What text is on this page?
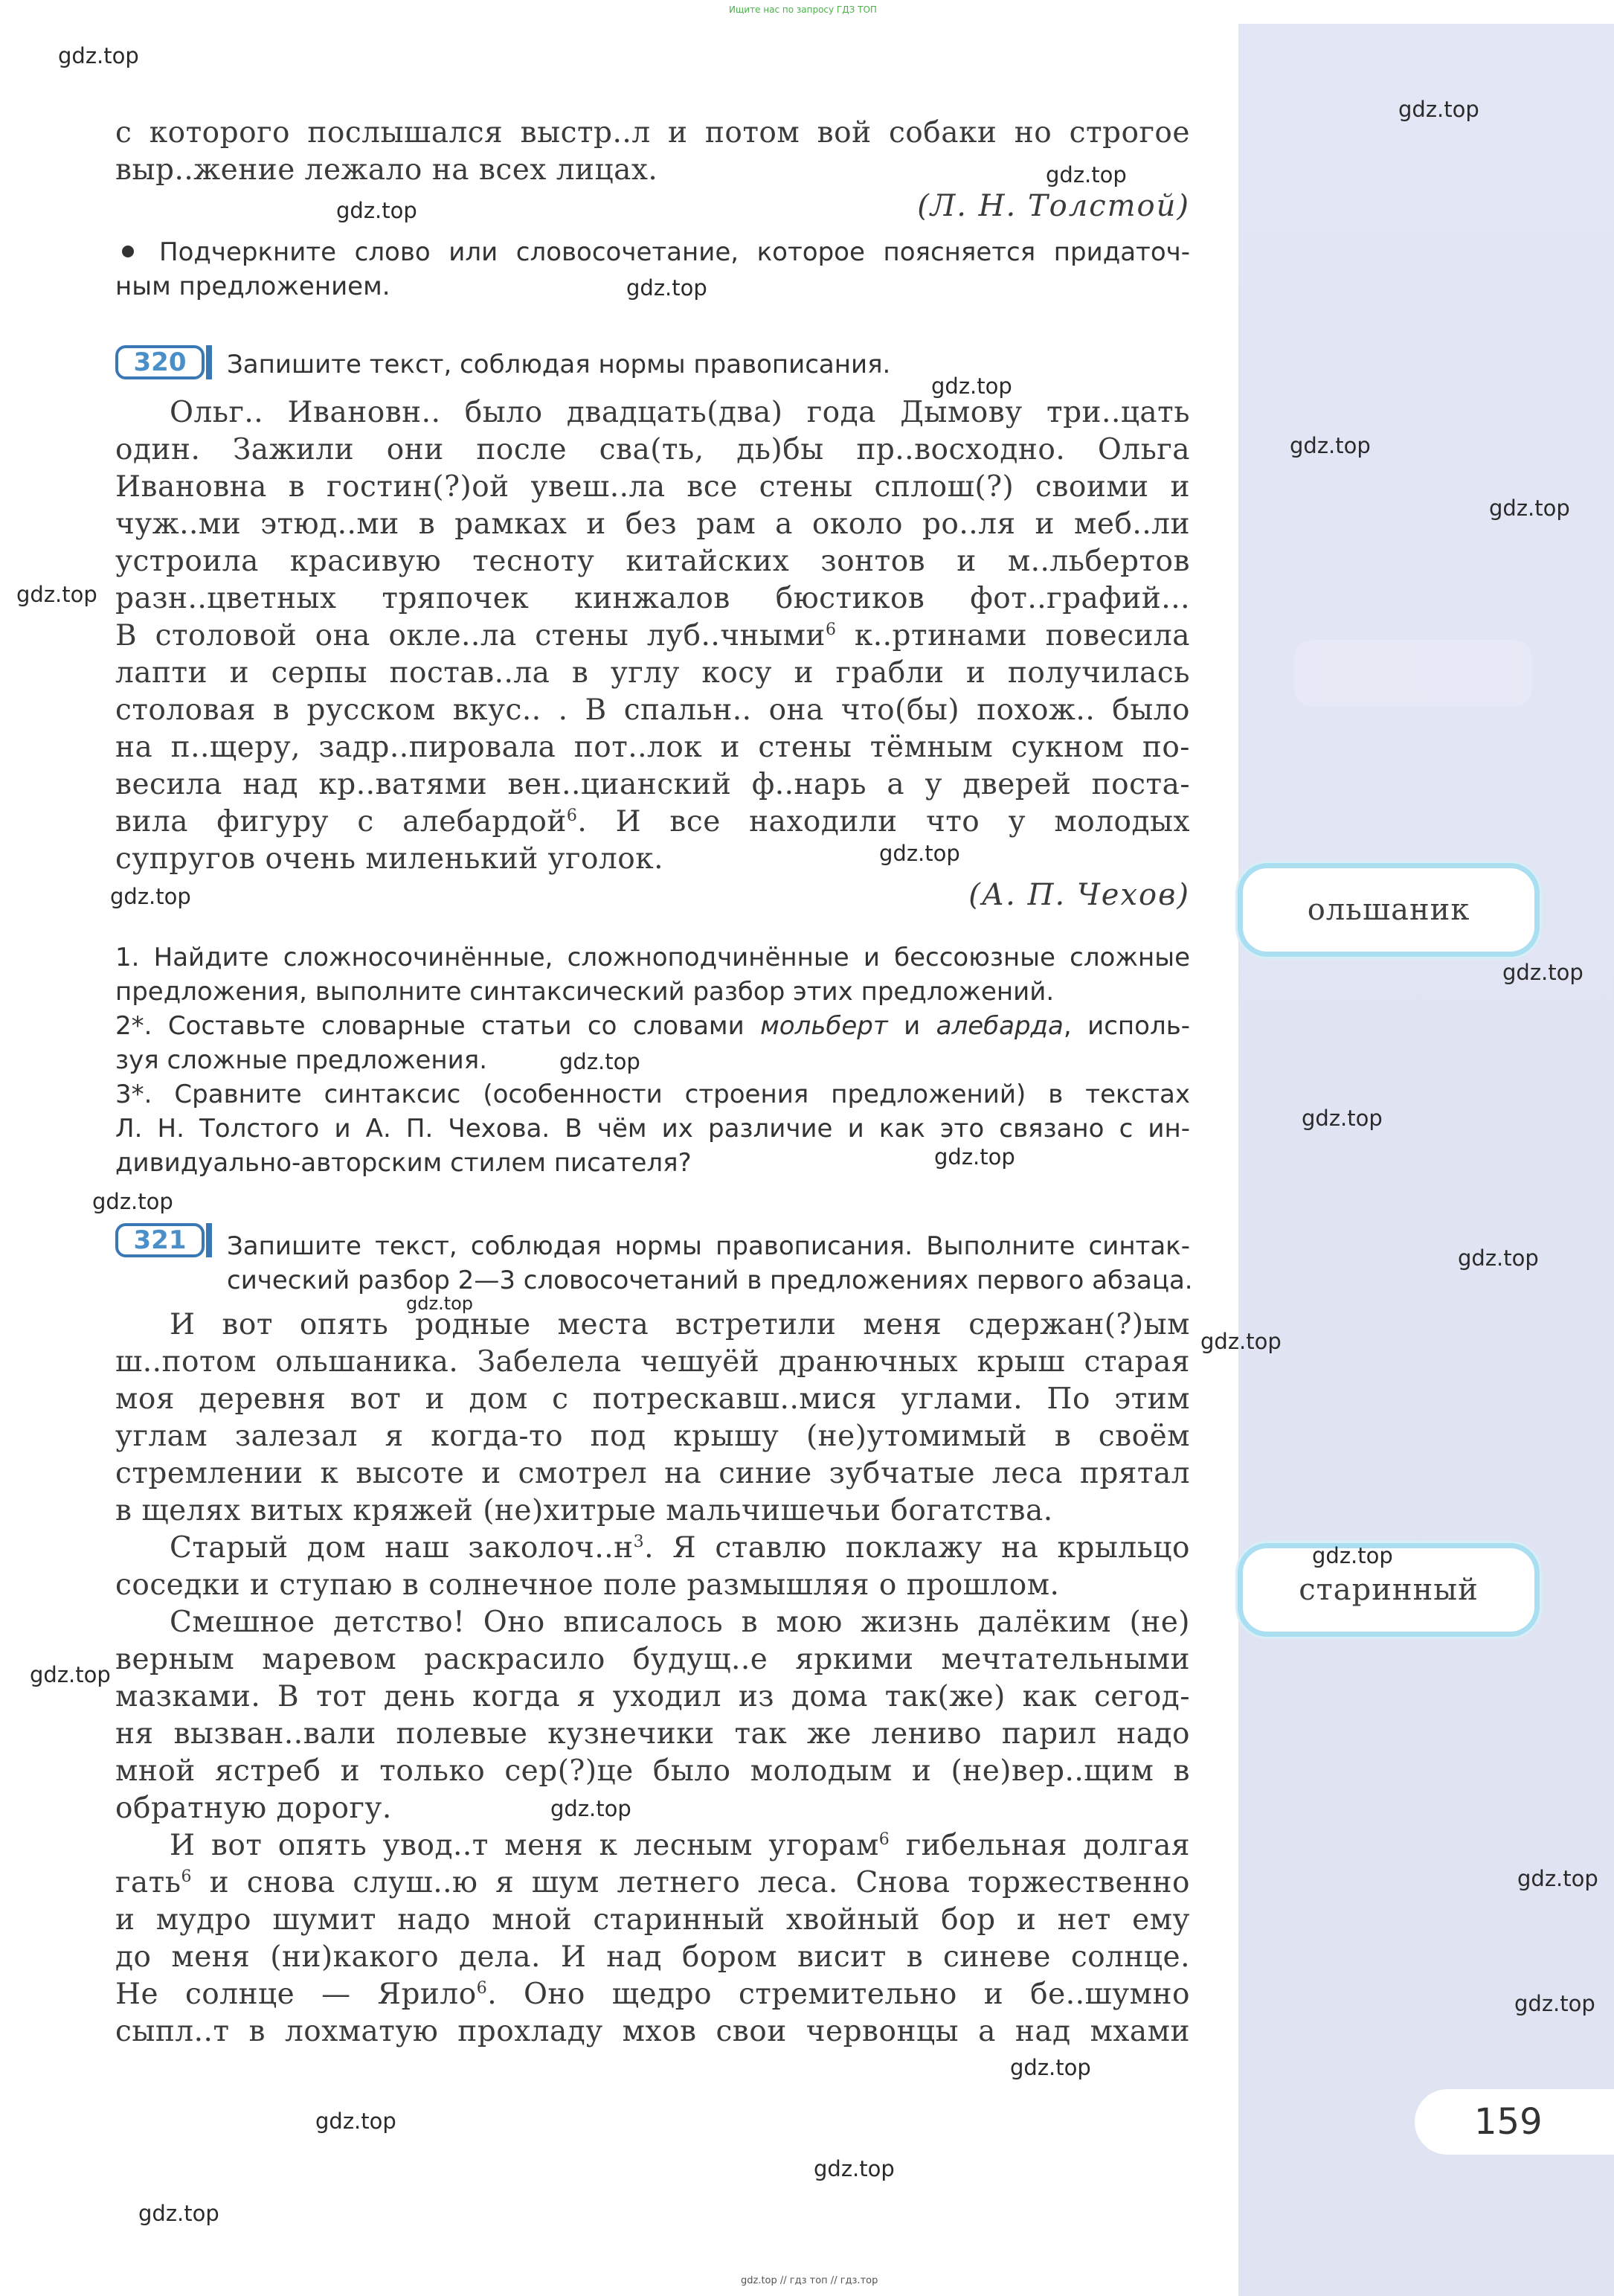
ольшаник
старинный
159
Ищите нас по запросу ГДЗ ТОП
gdz.top // гдз топ // гдз.тор
gdz.top
gdz.top
gdz.top
gdz.top
gdz.top
gdz.top
gdz.top
gdz.top
gdz.top
gdz.top
gdz.top
gdz.top
gdz.top
gdz.top
gdz.top
gdz.top
gdz.top
gdz.top
gdz.top
gdz.top
gdz.top
gdz.top
gdz.top
gdz.top
gdz.top
gdz.top
gdz.top
gdz.top
с которого послышался выстр..л и потом вой собаки но строгое
выр..жение лежало на всех лицах.
(Л. Н. Толстой)
Подчеркните слово или словосочетание, которое поясняется придаточ-
ным предложением.
320 Запишите текст, соблюдая нормы правописания.
Ольг.. Ивановн.. было двадцать(два) года Дымову три..цать
один. Зажили они после сва(ть, дь)бы пр..восходно. Ольга
Ивановна в гостин(?)ой увеш..ла все стены сплош(?) своими и
чуж..ми этюд..ми в рамках и без рам а около ро..ля и меб..ли
устроила красивую тесноту китайских зонтов и м..льбертов
разн..цветных тряпочек кинжалов бюстиков фот..графий...
В столовой она окле..ла стены луб..чными$^6$ к..ртинами повесила
лапти и серпы постав..ла в углу косу и грабли и получилась
столовая в русском вкус.. . В спальн.. она что(бы) похож.. было
на п..щеру, задр..пировала пот..лок и стены тёмным сукном по-
весила над кр..ватями вен..цианский ф..нарь а у дверей поста-
вила фигуру с алебардой$^6$. И все находили что у молодых
супругов очень миленький уголок.
(А. П. Чехов)
1. Найдите сложносочинённые, сложноподчинённые и бессоюзные сложные
предложения, выполните синтаксический разбор этих предложений.
2*. Составьте словарные статьи со словами мольберт и алебарда, исполь-
зуя сложные предложения.
3*. Сравните синтаксис (особенности строения предложений) в текстах
Л. Н. Толстого и А. П. Чехова. В чём их различие и как это связано с ин-
дивидуально-авторским стилем писателя?
321 Запишите текст, соблюдая нормы правописания. Выполните синтак-
сический разбор 2—3 словосочетаний в предложениях первого абзаца.
И вот опять родные места встретили меня сдержан(?)ым
ш..потом ольшаника. Забелела чешуёй дранючных крыш старая
моя деревня вот и дом с потрескавш..мися углами. По этим
углам залезал я когда-то под крышу (не)утомимый в своём
стремлении к высоте и смотрел на синие зубчатые леса прятал
в щелях витых кряжей (не)хитрые мальчишечьи богатства.
Старый дом наш $заколоч..н^3$. Я ставлю поклажу на крыльцо
соседки и ступаю в солнечное поле размышляя о прошлом.
Смешное детство! Оно вписалось в мою жизнь далёким (не)
верным маревом раскрасило будущ..е яркими мечтательными
мазками. В тот день когда я уходил из дома так(же) как сегод-
ня вызван..вали полевые кузнечики так же лениво парил надо
мной ястреб и только сер(?)це было молодым и (не)вер..щим в
обратную дорогу.
И вот опять увод..т меня к лесным угорам$^6$ гибельная долгая
гать$^6$ и снова слуш..ю я шум летнего леса. Снова торжественно
и мудро шумит надо мной старинный хвойный бор и нет ему
до меня (ни)какого дела. И над бором висит в синеве солнце.
Не солнце — Ярило$^6$. Оно щедро стремительно и бе..шумно
сыпл..т в лохматую прохладу мхов свои червонцы а над мхами
